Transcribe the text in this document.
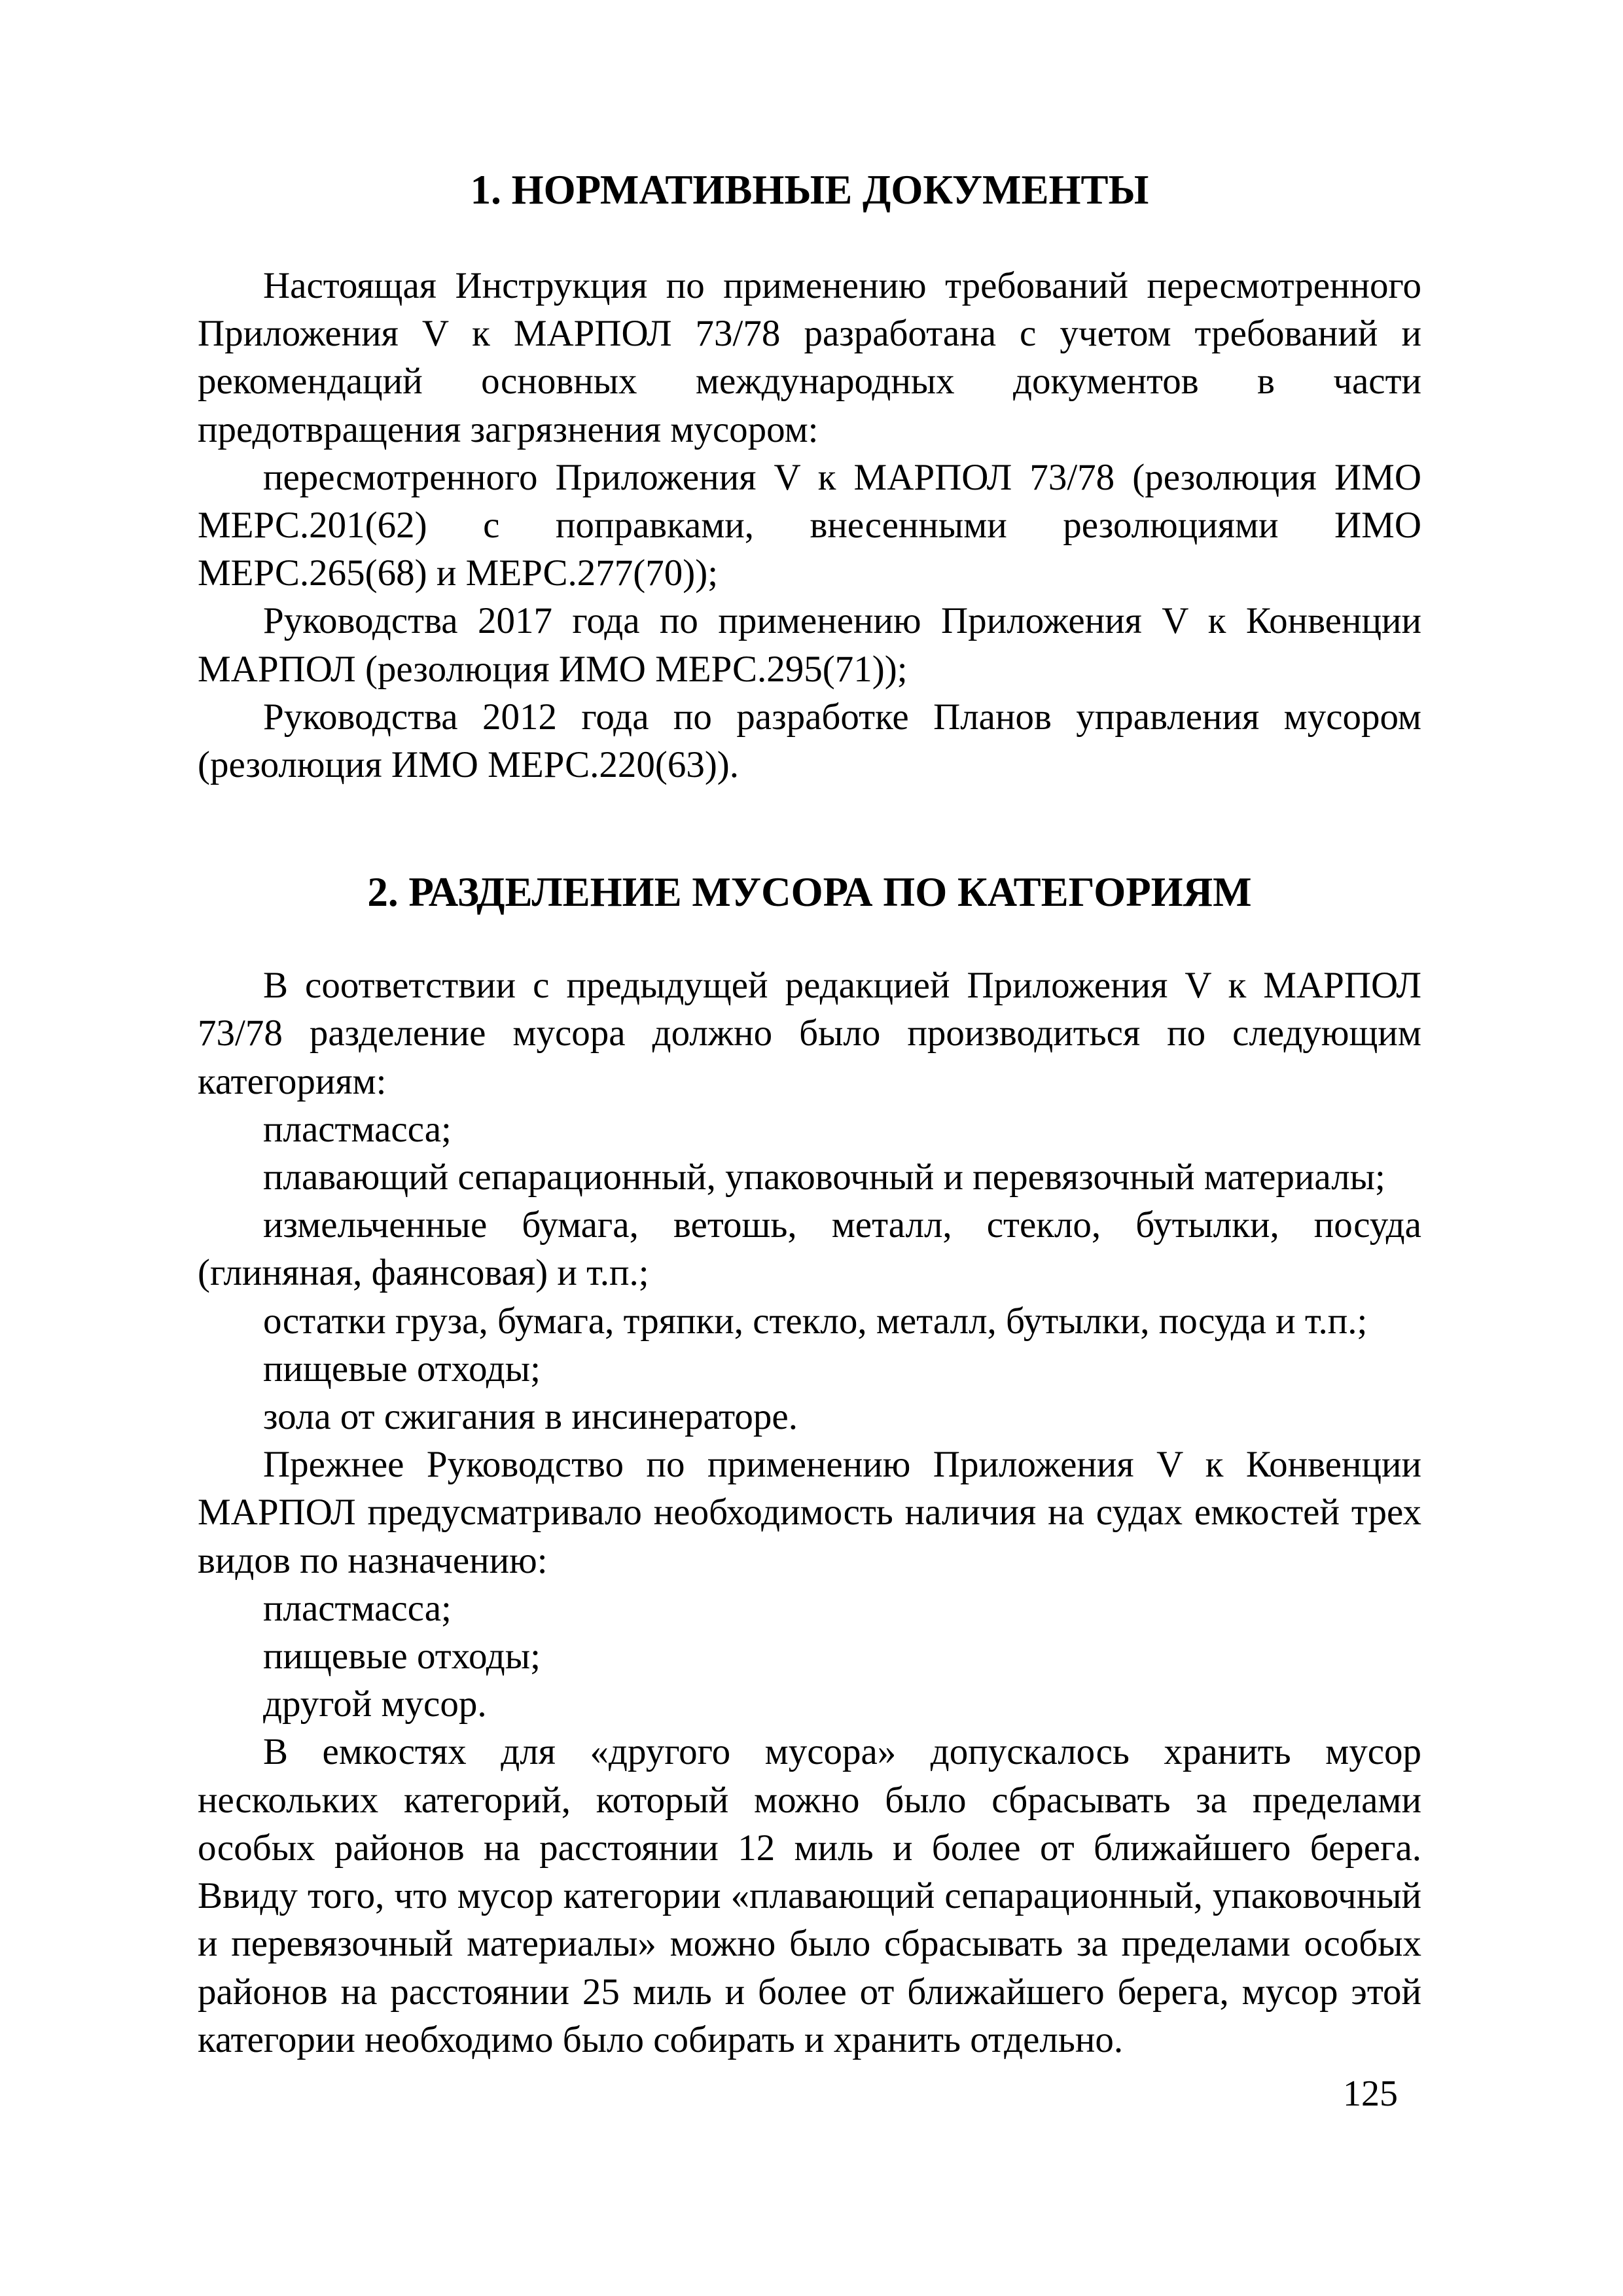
1. НОРМАТИВНЫЕ ДОКУМЕНТЫ

Настоящая Инструкция по применению требований пересмотренного Приложения V к МАРПОЛ 73/78 разработана с учетом требований и рекомендаций основных международных документов в части предотвращения загрязнения мусором:

пересмотренного Приложения V к МАРПОЛ 73/78 (резолюция ИМО МЕРС.201(62) с поправками, внесенными резолюциями ИМО МЕРС.265(68) и МЕРС.277(70));

Руководства 2017 года по применению Приложения V к Конвенции МАРПОЛ (резолюция ИМО МЕРС.295(71));

Руководства 2012 года по разработке Планов управления мусором (резолюция ИМО МЕРС.220(63)).

2. РАЗДЕЛЕНИЕ МУСОРА ПО КАТЕГОРИЯМ

В соответствии с предыдущей редакцией Приложения V к МАРПОЛ 73/78 разделение мусора должно было производиться по следующим категориям:

пластмасса;

плавающий сепарационный, упаковочный и перевязочный материалы;

измельченные бумага, ветошь, металл, стекло, бутылки, посуда (глиняная, фаянсовая) и т.п.;

остатки груза, бумага, тряпки, стекло, металл, бутылки, посуда и т.п.;

пищевые отходы;

зола от сжигания в инсинераторе.

Прежнее Руководство по применению Приложения V к Конвенции МАРПОЛ предусматривало необходимость наличия на судах емкостей трех видов по назначению:

пластмасса;

пищевые отходы;

другой мусор.

В емкостях для «другого мусора» допускалось хранить мусор нескольких категорий, который можно было сбрасывать за пределами особых районов на расстоянии 12 миль и более от ближайшего берега. Ввиду того, что мусор категории «плавающий сепарационный, упаковочный и перевязочный материалы» можно было сбрасывать за пределами особых районов на расстоянии 25 миль и более от ближайшего берега, мусор этой категории необходимо было собирать и хранить отдельно.

125
